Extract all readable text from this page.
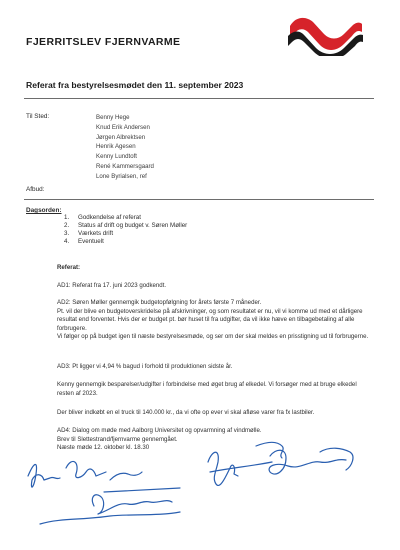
FJERRITSLEV FJERNVARME
Referat fra bestyrelsesmødet den 11. september 2023
Til Sted:	Benny Hege
Knud Erik Andersen
Jørgen Albrektsen
Henrik Agesen
Kenny Lundtoft
René Kammersgaard
Lone Byrialsen, ref
Afbud:
Dagsorden:
1. Godkendelse af referat
2. Status af drift og budget v. Søren Møller
3. Værkets drift
4. Eventuelt

Referat:

AD1: Referat fra 17. juni 2023 godkendt.

AD2: Søren Møller gennemgik budgetopfølgning for årets første 7 måneder.

Pt. vil der blive en budgetoverskridelse på afskrivninger, og som resultatet er nu, vil vi komme ud med et dårligere resultat end forventet. Hvis der er budget pt. bør huset til fra udgifter, da vil ikke hæve en tilbagebetaling af alle forbrugere.

Vi følger op på budget igen til næste bestyrelsesmøde, og ser om der skal meldes en prisstigning ud til forbrugerne.

AD3: Pt ligger vi 4,94 % bagud i forhold til produktionen sidste år.

Kenny gennemgik besparelser/udgifter i forbindelse med øget brug af elkedel. Vi forsøger med at bruge elkedel resten af 2023.

Der bliver indkøbt en el truck til 140.000 kr., da vi ofte op ever vi skal afløse varer fra fx lastbiler.

AD4: Dialog om møde med Aalborg Universitet og opvarmning af vindmølle.

Brev til Slettestrand/fjernvarme gennemgået.

Næste møde 12. oktober kl. 18.30
